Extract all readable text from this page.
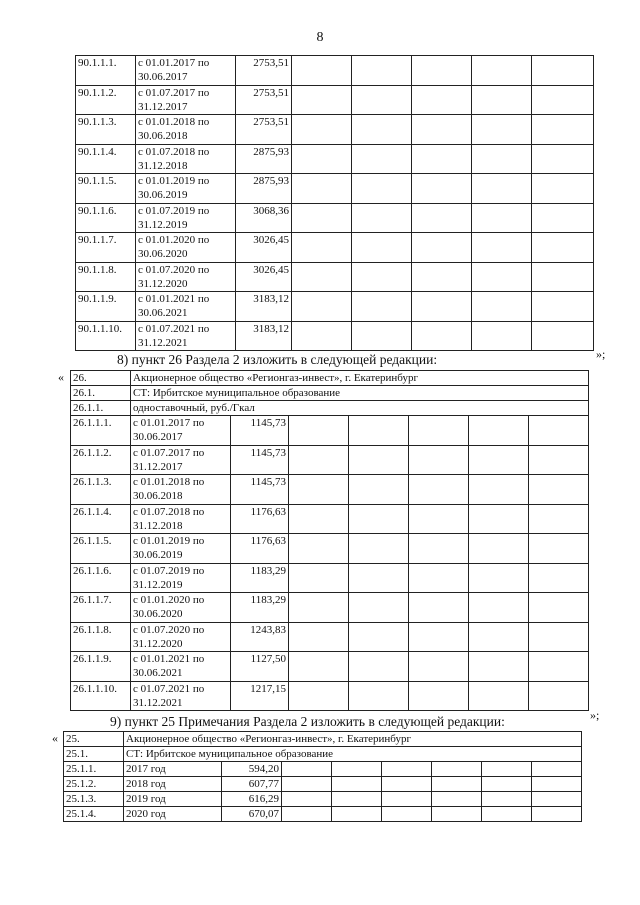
8
90.1.1.1.	с 01.01.2017 по 30.06.2017	2753,51					
90.1.1.2.	с 01.07.2017 по 31.12.2017	2753,51					
90.1.1.3.	с 01.01.2018 по 30.06.2018	2753,51					
90.1.1.4.	с 01.07.2018 по 31.12.2018	2875,93					
90.1.1.5.	с 01.01.2019 по 30.06.2019	2875,93					
90.1.1.6.	с 01.07.2019 по 31.12.2019	3068,36					
90.1.1.7.	с 01.01.2020 по 30.06.2020	3026,45					
90.1.1.8.	с 01.07.2020 по 31.12.2020	3026,45					
90.1.1.9.	с 01.01.2021 по 30.06.2021	3183,12					
90.1.1.10.	с 01.07.2021 по 31.12.2021	3183,12					
»;
8) пункт 26 Раздела 2 изложить в следующей редакции:
« 26.	Акционерное общество «Регионгаз-инвест», г. Екатеринбург						
26.1.	СТ: Ирбитское муниципальное образование						
26.1.1.	одноставочный, руб./Гкал						
26.1.1.1.	с 01.01.2017 по 30.06.2017	1145,73					
26.1.1.2.	с 01.07.2017 по 31.12.2017	1145,73					
26.1.1.3.	с 01.01.2018 по 30.06.2018	1145,73					
26.1.1.4.	с 01.07.2018 по 31.12.2018	1176,63					
26.1.1.5.	с 01.01.2019 по 30.06.2019	1176,63					
26.1.1.6.	с 01.07.2019 по 31.12.2019	1183,29					
26.1.1.7.	с 01.01.2020 по 30.06.2020	1183,29					
26.1.1.8.	с 01.07.2020 по 31.12.2020	1243,83					
26.1.1.9.	с 01.01.2021 по 30.06.2021	1127,50					
26.1.1.10.	с 01.07.2021 по 31.12.2021	1217,15					
»;
9) пункт 25 Примечания Раздела 2 изложить в следующей редакции:
« 25.	Акционерное общество «Регионгаз-инвест», г. Екатеринбург							
25.1.	СТ: Ирбитское муниципальное образование							
25.1.1.	2017 год	594,20						
25.1.2.	2018 год	607,77						
25.1.3.	2019 год	616,29						
25.1.4.	2020 год	670,07						
